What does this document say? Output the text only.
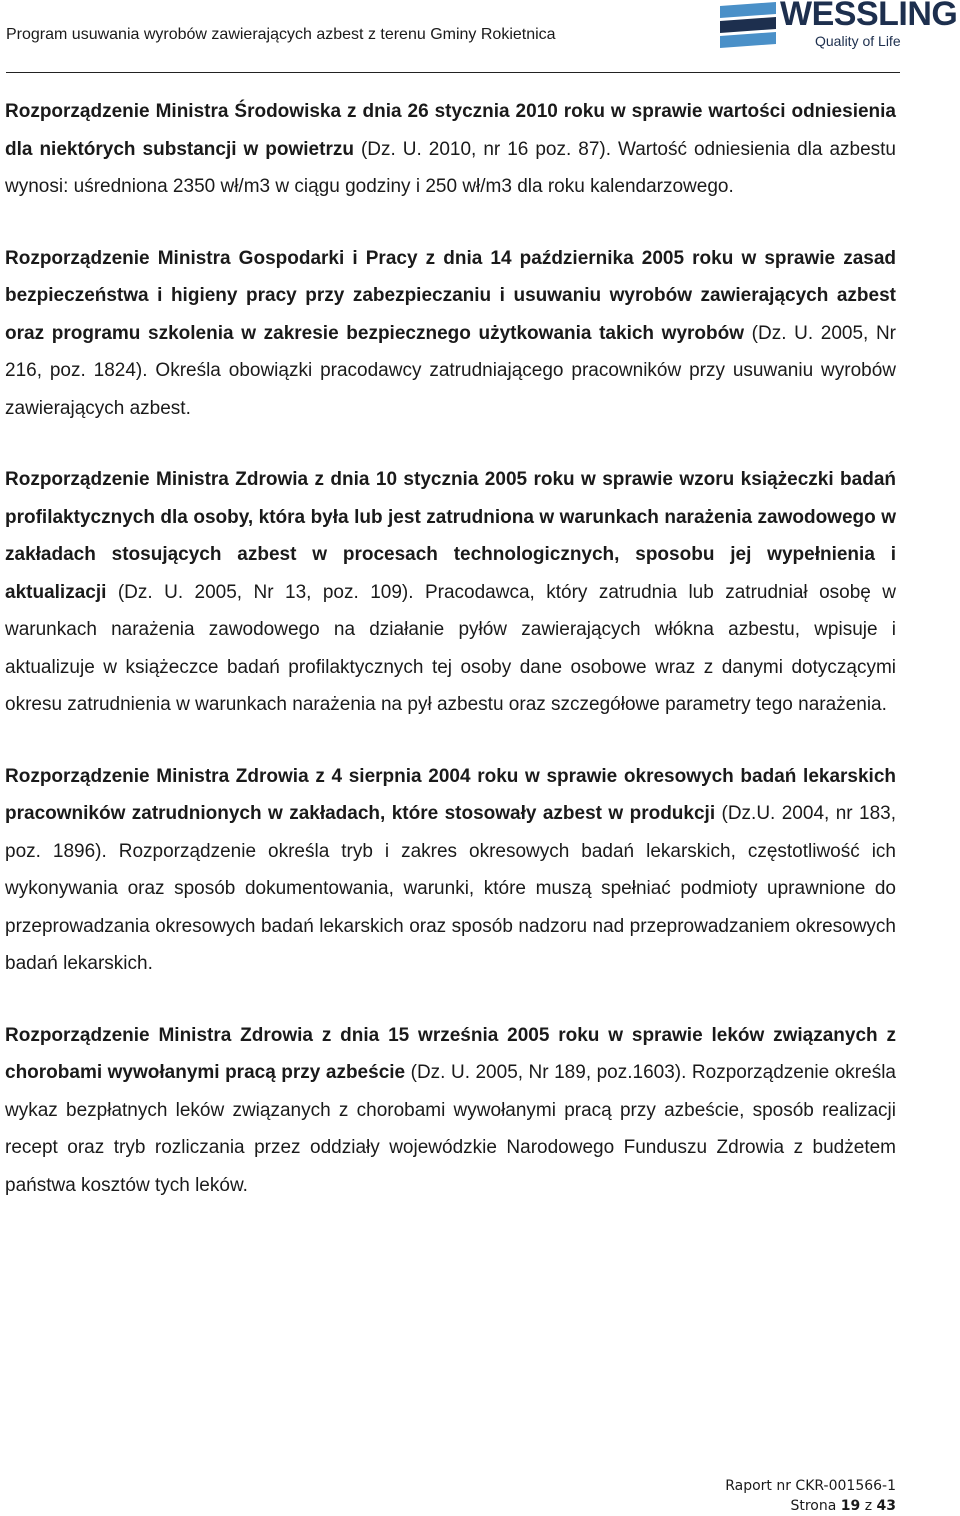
Program usuwania wyrobów zawierających azbest z terenu Gminy Rokietnica
WESSLING
Quality of Life

Rozporządzenie Ministra Środowiska z dnia 26 stycznia 2010 roku w sprawie wartości odniesienia dla niektórych substancji w powietrzu (Dz. U. 2010, nr 16 poz. 87). Wartość odniesienia dla azbestu wynosi: uśredniona 2350 wł/m3 w ciągu godziny i 250 wł/m3 dla roku kalendarzowego.

Rozporządzenie Ministra Gospodarki i Pracy z dnia 14 października 2005 roku w sprawie zasad bezpieczeństwa i higieny pracy przy zabezpieczaniu i usuwaniu wyrobów zawierających azbest oraz programu szkolenia w zakresie bezpiecznego użytkowania takich wyrobów (Dz. U. 2005, Nr 216, poz. 1824). Określa obowiązki pracodawcy zatrudniającego pracowników przy usuwaniu wyrobów zawierających azbest.

Rozporządzenie Ministra Zdrowia z dnia 10 stycznia 2005 roku w sprawie wzoru książeczki badań profilaktycznych dla osoby, która była lub jest zatrudniona w warunkach narażenia zawodowego w zakładach stosujących azbest w procesach technologicznych, sposobu jej wypełnienia i aktualizacji (Dz. U. 2005, Nr 13, poz. 109). Pracodawca, który zatrudnia lub zatrudniał osobę w warunkach narażenia zawodowego na działanie pyłów zawierających włókna azbestu, wpisuje i aktualizuje w książeczce badań profilaktycznych tej osoby dane osobowe wraz z danymi dotyczącymi okresu zatrudnienia w warunkach narażenia na pył azbestu oraz szczegółowe parametry tego narażenia.

Rozporządzenie Ministra Zdrowia z 4 sierpnia 2004 roku w sprawie okresowych badań lekarskich pracowników zatrudnionych w zakładach, które stosowały azbest w produkcji (Dz.U. 2004, nr 183, poz. 1896). Rozporządzenie określa tryb i zakres okresowych badań lekarskich, częstotliwość ich wykonywania oraz sposób dokumentowania, warunki, które muszą spełniać podmioty uprawnione do przeprowadzania okresowych badań lekarskich oraz sposób nadzoru nad przeprowadzaniem okresowych badań lekarskich.

Rozporządzenie Ministra Zdrowia z dnia 15 września 2005 roku w sprawie leków związanych z chorobami wywołanymi pracą przy azbeście (Dz. U. 2005, Nr 189, poz.1603). Rozporządzenie określa wykaz bezpłatnych leków związanych z chorobami wywołanymi pracą przy azbeście, sposób realizacji recept oraz tryb rozliczania przez oddziały wojewódzkie Narodowego Funduszu Zdrowia z budżetem państwa kosztów tych leków.

Raport nr CKR-001566-1
Strona 19 z 43
